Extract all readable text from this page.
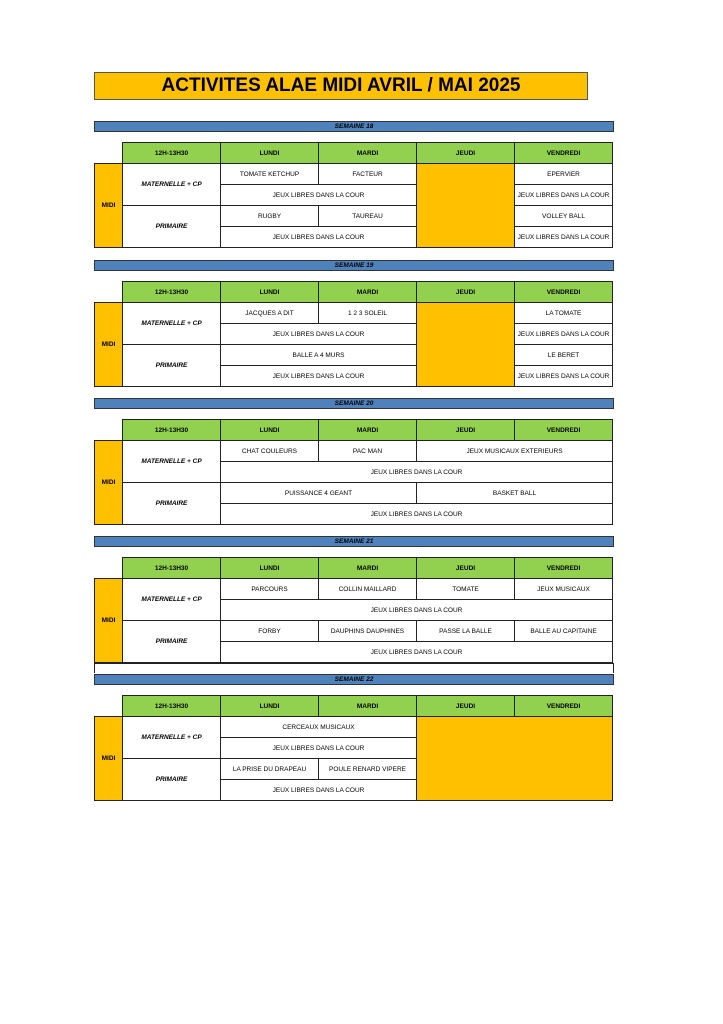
ACTIVITES ALAE MIDI AVRIL / MAI 2025
SEMAINE 18
	12H-13H30	LUNDI	MARDI	JEUDI	VENDREDI
MIDI	MATERNELLE + CP	TOMATE KETCHUP	FACTEUR		EPERVIER
		JEUX LIBRES DANS LA COUR			JEUX LIBRES DANS LA COUR
	PRIMAIRE	RUGBY	TAUREAU		VOLLEY BALL
		JEUX LIBRES DANS LA COUR			JEUX LIBRES DANS LA COUR
SEMAINE 19
	12H-13H30	LUNDI	MARDI	JEUDI	VENDREDI
MIDI	MATERNELLE + CP	JACQUES A DIT	1 2 3 SOLEIL		LA TOMATE
		JEUX LIBRES DANS LA COUR			JEUX LIBRES DANS LA COUR
	PRIMAIRE	BALLE A 4 MURS			LE BERET
		JEUX LIBRES DANS LA COUR			JEUX LIBRES DANS LA COUR
SEMAINE 20
	12H-13H30	LUNDI	MARDI	JEUDI	VENDREDI
MIDI	MATERNELLE + CP	CHAT COULEURS	PAC MAN	JEUX MUSICAUX EXTERIEURS	
		JEUX LIBRES DANS LA COUR			
	PRIMAIRE	PUISSANCE 4 GEANT		BASKET BALL	
		JEUX LIBRES DANS LA COUR			
SEMAINE 21
	12H-13H30	LUNDI	MARDI	JEUDI	VENDREDI
MIDI	MATERNELLE + CP	PARCOURS	COLLIN MAILLARD	TOMATE	JEUX MUSICAUX
		JEUX LIBRES DANS LA COUR			
	PRIMAIRE	FORBY	DAUPHINS DAUPHINES	PASSE LA BALLE	BALLE AU CAPITAINE
		JEUX LIBRES DANS LA COUR			
SEMAINE 22
	12H-13H30	LUNDI	MARDI	JEUDI	VENDREDI
MIDI	MATERNELLE + CP	CERCEAUX MUSICAUX			
		JEUX LIBRES DANS LA COUR			
	PRIMAIRE	LA PRISE DU DRAPEAU	POULE RENARD VIPERE		
		JEUX LIBRES DANS LA COUR			
